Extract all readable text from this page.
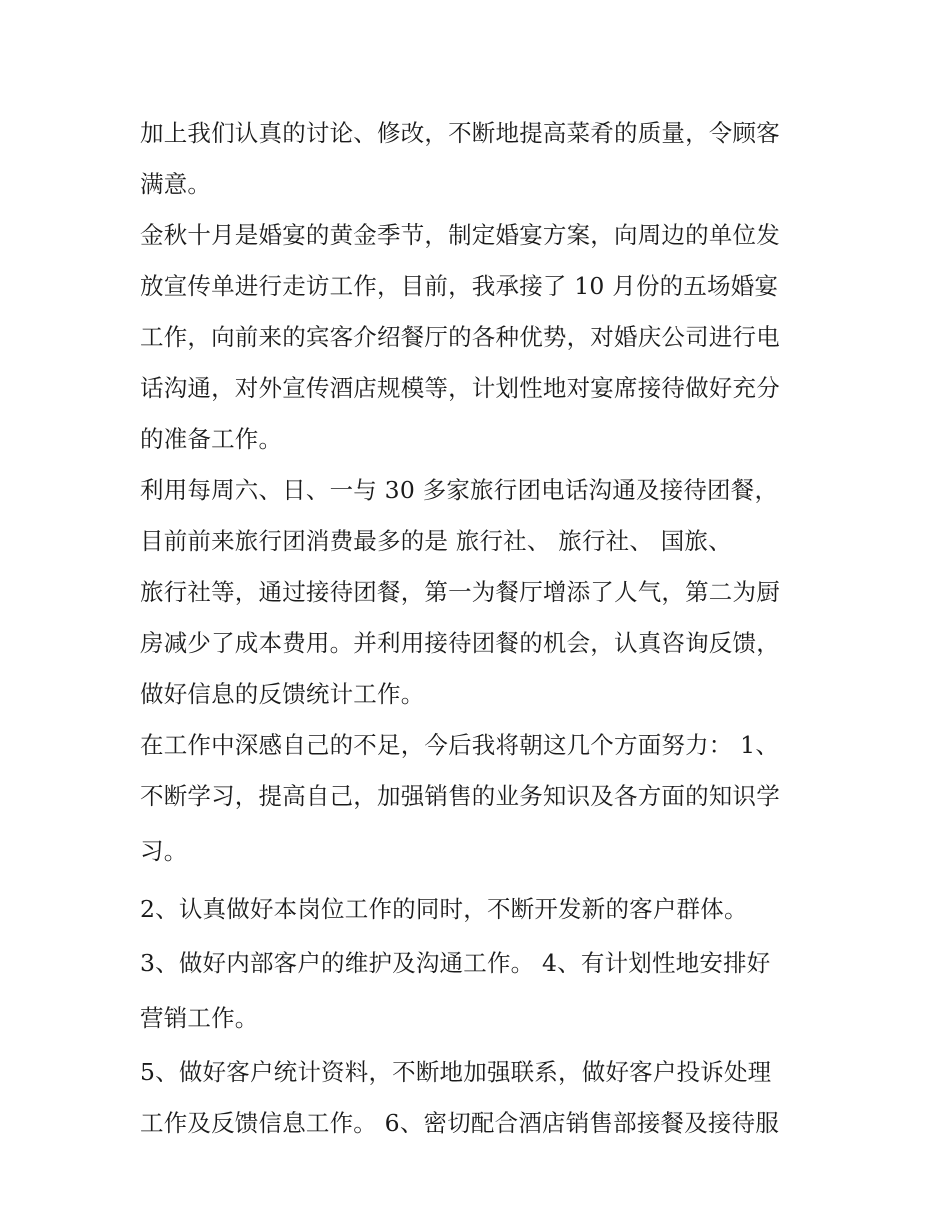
加上我们认真的讨论、修改，不断地提高菜肴的质量，令顾客
满意。
金秋十月是婚宴的黄金季节，制定婚宴方案，向周边的单位发
放宣传单进行走访工作，目前，我承接了 10 月份的五场婚宴
工作，向前来的宾客介绍餐厅的各种优势，对婚庆公司进行电
话沟通，对外宣传酒店规模等，计划性地对宴席接待做好充分
的准备工作。
利用每周六、日、一与 30 多家旅行团电话沟通及接待团餐，
目前前来旅行团消费最多的是 旅行社、 旅行社、 国旅、
旅行社等，通过接待团餐，第一为餐厅增添了人气，第二为厨
房减少了成本费用。并利用接待团餐的机会，认真咨询反馈，
做好信息的反馈统计工作。
在工作中深感自己的不足，今后我将朝这几个方面努力： 1、
不断学习，提高自己，加强销售的业务知识及各方面的知识学
习。
2、认真做好本岗位工作的同时，不断开发新的客户群体。
3、做好内部客户的维护及沟通工作。 4、有计划性地安排好
营销工作。
5、做好客户统计资料，不断地加强联系，做好客户投诉处理
工作及反馈信息工作。 6、密切配合酒店销售部接餐及接待服
